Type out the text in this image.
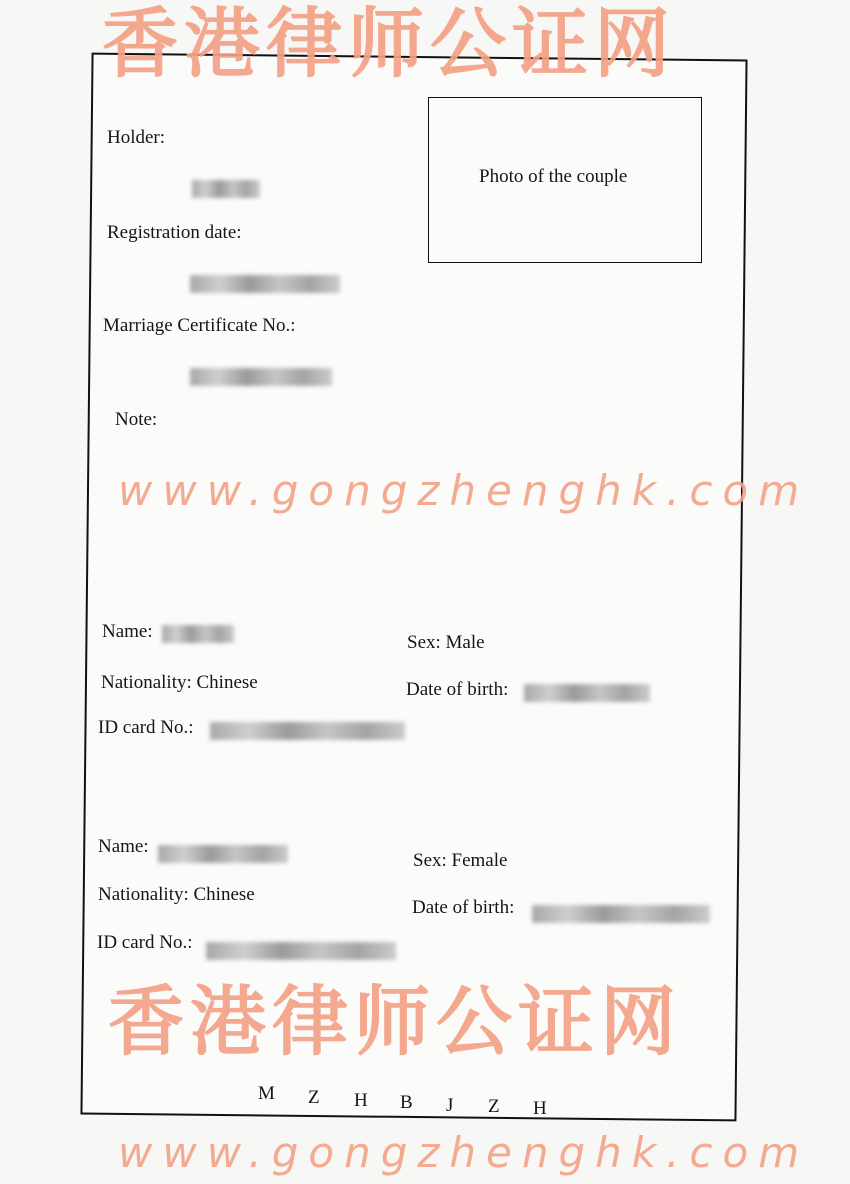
Holder:
Registration date:
Marriage Certificate No.:
Note:
Photo of the couple
Name:
Sex: Male
Nationality: Chinese	Date of birth:
ID card No.:
Name:
Sex: Female
Nationality: Chinese
Date of birth:
ID card No.:
M Z H B J Z H
香港律师公证网
www.gongzhenghk.com
香港律师公证网
www.gongzhenghk.com
